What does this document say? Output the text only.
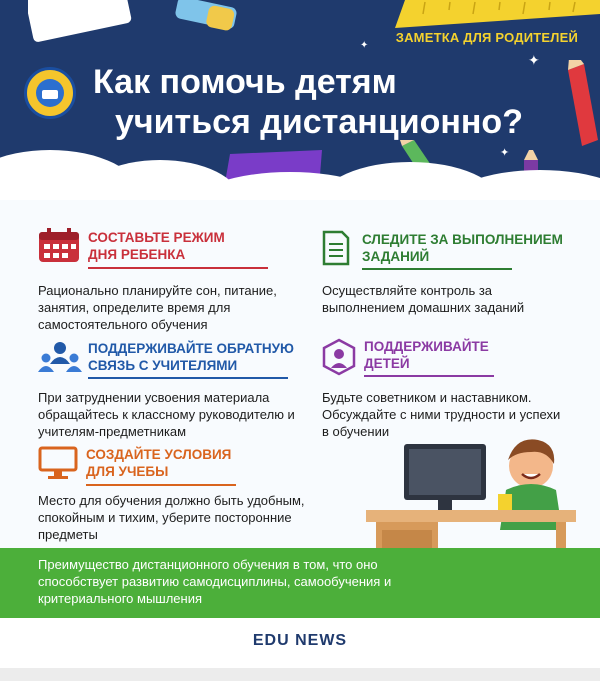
ЗАМЕТКА ДЛЯ РОДИТЕЛЕЙ
Как помочь детям
учиться дистанционно?
✦
✦
✦
СОСТАВЬТЕ РЕЖИМ ДНЯ РЕБЕНКА
Рационально планируйте сон, питание, занятия, определите время для самостоятельного обучения
СЛЕДИТЕ ЗА ВЫПОЛНЕНИЕМ ЗАДАНИЙ
Осуществляйте контроль за выполнением домашних заданий
ПОДДЕРЖИВАЙТЕ ОБРАТНУЮ СВЯЗЬ С УЧИТЕЛЯМИ
При затруднении усвоения материала обращайтесь к классному руководителю и учителям-предметникам
ПОДДЕРЖИВАЙТЕ ДЕТЕЙ
Будьте советником и наставником. Обсуждайте с ними трудности и успехи в обучении
СОЗДАЙТЕ УСЛОВИЯ ДЛЯ УЧЕБЫ
Место для обучения должно быть удобным, спокойным и тихим, уберите посторонние предметы
Преимущество дистанционного обучения в том, что оно способствует развитию самодисциплины, самообучения и критериального мышления
EDU NEWS
